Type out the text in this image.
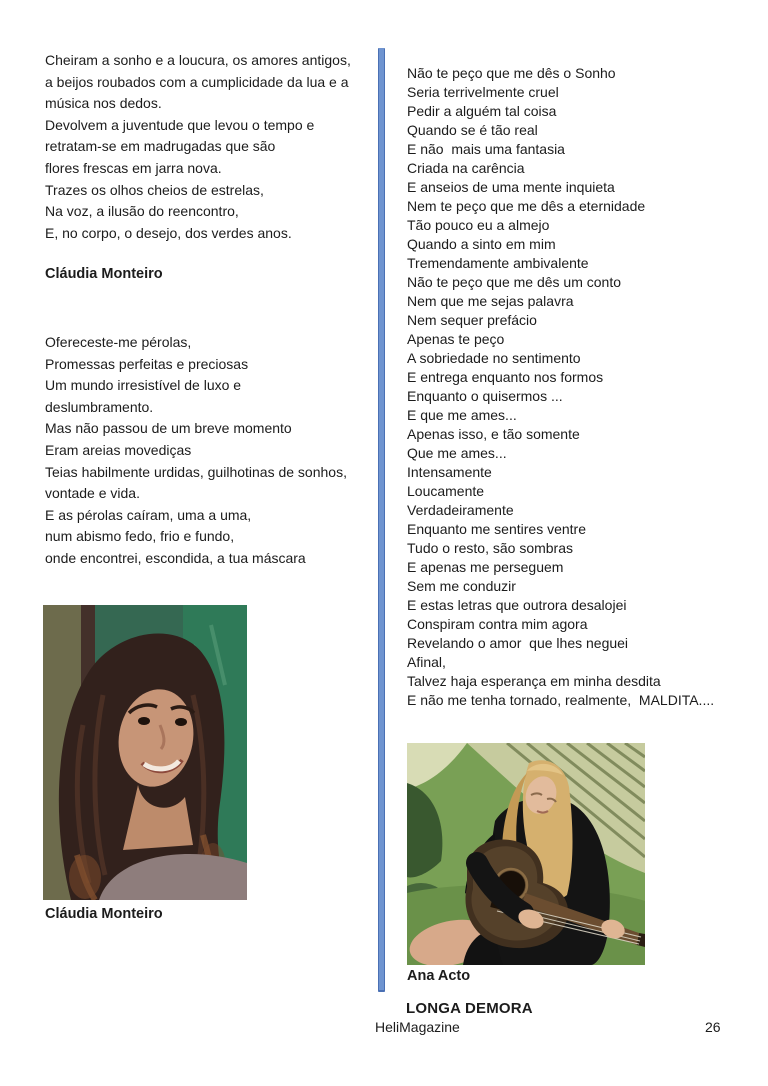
Cheiram a sonho e a loucura, os amores antigos,
a beijos roubados com a cumplicidade da lua e a
música nos dedos.
Devolvem a juventude que levou o tempo e
retratam-se em madrugadas que são
flores frescas em jarra nova.
Trazes os olhos cheios de estrelas,
Na voz, a ilusão do reencontro,
E, no corpo, o desejo, dos verdes anos.
Cláudia Monteiro
Ofereceste-me pérolas,
Promessas perfeitas e preciosas
Um mundo irresistível de luxo e
deslumbramento.
Mas não passou de um breve momento
Eram areias movediças
Teias habilmente urdidas, guilhotinas de sonhos,
vontade e vida.
E as pérolas caíram, uma a uma,
num abismo fedo, frio e fundo,
onde encontrei, escondida, a tua máscara
Cláudia Monteiro
Não te peço que me dês o Sonho
Seria terrivelmente cruel
Pedir a alguém tal coisa
Quando se é tão real
E não  mais uma fantasia
Criada na carência
E anseios de uma mente inquieta
Nem te peço que me dês a eternidade
Tão pouco eu a almejo
Quando a sinto em mim
Tremendamente ambivalente
Não te peço que me dês um conto
Nem que me sejas palavra
Nem sequer prefácio
Apenas te peço
A sobriedade no sentimento
E entrega enquanto nos formos
Enquanto o quisermos ...
E que me ames...
Apenas isso, e tão somente
Que me ames...
Intensamente
Loucamente
Verdadeiramente
Enquanto me sentires ventre
Tudo o resto, são sombras
E apenas me perseguem
Sem me conduzir
E estas letras que outrora desalojei
Conspiram contra mim agora
Revelando o amor  que lhes neguei
Afinal,
Talvez haja esperança em minha desdita
E não me tenha tornado, realmente,  MALDITA....
Ana Acto
LONGA DEMORA
HeliMagazine	26
